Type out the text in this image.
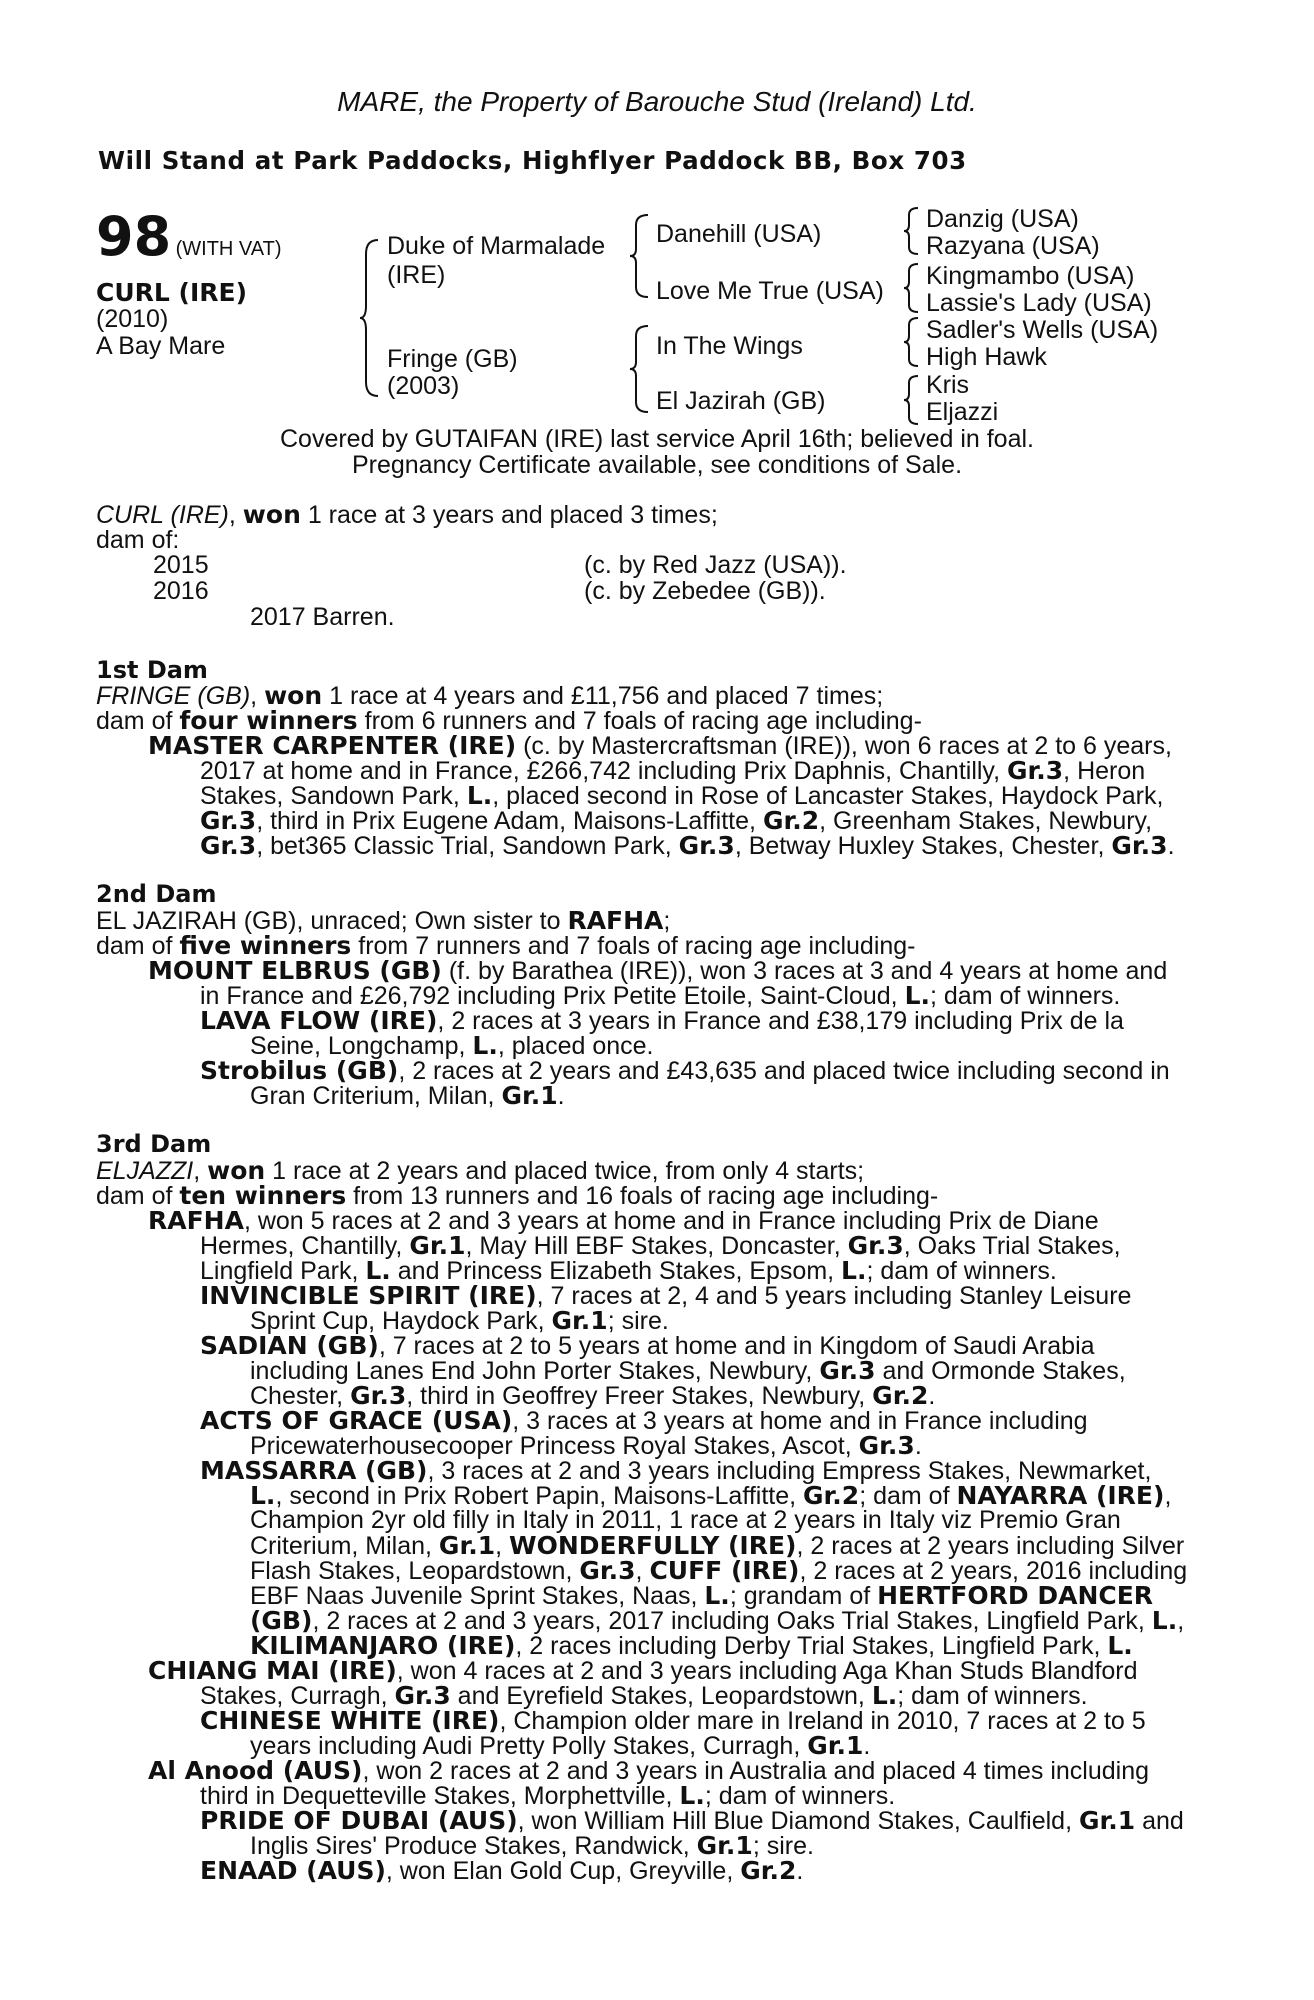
MARE, the Property of Barouche Stud (Ireland) Ltd.
Will Stand at Park Paddocks, Highflyer Paddock BB, Box 703
98 (WITH VAT)
CURL (IRE)
(2010)
A Bay Mare
Duke of Marmalade
(IRE)
Fringe (GB)
(2003)
Danehill (USA)
Love Me True (USA)
In The Wings
El Jazirah (GB)
Danzig (USA)
Razyana (USA)
Kingmambo (USA)
Lassie's Lady (USA)
Sadler's Wells (USA)
High Hawk
Kris
Eljazzi
Covered by GUTAIFAN (IRE) last service April 16th; believed in foal.
Pregnancy Certificate available, see conditions of Sale.
CURL (IRE), won 1 race at 3 years and placed 3 times;
dam of:
2015	(c. by Red Jazz (USA)).
2016	(c. by Zebedee (GB)).
2017 Barren.
1st Dam
FRINGE (GB), won 1 race at 4 years and £11,756 and placed 7 times;
dam of four winners from 6 runners and 7 foals of racing age including-
MASTER CARPENTER (IRE) (c. by Mastercraftsman (IRE)), won 6 races at 2 to 6 years,
2017 at home and in France, £266,742 including Prix Daphnis, Chantilly, Gr.3, Heron
Stakes, Sandown Park, L., placed second in Rose of Lancaster Stakes, Haydock Park,
Gr.3, third in Prix Eugene Adam, Maisons-Laffitte, Gr.2, Greenham Stakes, Newbury,
Gr.3, bet365 Classic Trial, Sandown Park, Gr.3, Betway Huxley Stakes, Chester, Gr.3.
2nd Dam
EL JAZIRAH (GB), unraced; Own sister to RAFHA;
dam of five winners from 7 runners and 7 foals of racing age including-
MOUNT ELBRUS (GB) (f. by Barathea (IRE)), won 3 races at 3 and 4 years at home and
in France and £26,792 including Prix Petite Etoile, Saint-Cloud, L.; dam of winners.
LAVA FLOW (IRE), 2 races at 3 years in France and £38,179 including Prix de la
Seine, Longchamp, L., placed once.
Strobilus (GB), 2 races at 2 years and £43,635 and placed twice including second in
Gran Criterium, Milan, Gr.1.
3rd Dam
ELJAZZI, won 1 race at 2 years and placed twice, from only 4 starts;
dam of ten winners from 13 runners and 16 foals of racing age including-
RAFHA, won 5 races at 2 and 3 years at home and in France including Prix de Diane
Hermes, Chantilly, Gr.1, May Hill EBF Stakes, Doncaster, Gr.3, Oaks Trial Stakes,
Lingfield Park, L. and Princess Elizabeth Stakes, Epsom, L.; dam of winners.
INVINCIBLE SPIRIT (IRE), 7 races at 2, 4 and 5 years including Stanley Leisure
Sprint Cup, Haydock Park, Gr.1; sire.
SADIAN (GB), 7 races at 2 to 5 years at home and in Kingdom of Saudi Arabia
including Lanes End John Porter Stakes, Newbury, Gr.3 and Ormonde Stakes,
Chester, Gr.3, third in Geoffrey Freer Stakes, Newbury, Gr.2.
ACTS OF GRACE (USA), 3 races at 3 years at home and in France including
Pricewaterhousecooper Princess Royal Stakes, Ascot, Gr.3.
MASSARRA (GB), 3 races at 2 and 3 years including Empress Stakes, Newmarket,
L., second in Prix Robert Papin, Maisons-Laffitte, Gr.2; dam of NAYARRA (IRE),
Champion 2yr old filly in Italy in 2011, 1 race at 2 years in Italy viz Premio Gran
Criterium, Milan, Gr.1, WONDERFULLY (IRE), 2 races at 2 years including Silver
Flash Stakes, Leopardstown, Gr.3, CUFF (IRE), 2 races at 2 years, 2016 including
EBF Naas Juvenile Sprint Stakes, Naas, L.; grandam of HERTFORD DANCER
(GB), 2 races at 2 and 3 years, 2017 including Oaks Trial Stakes, Lingfield Park, L.,
KILIMANJARO (IRE), 2 races including Derby Trial Stakes, Lingfield Park, L.
CHIANG MAI (IRE), won 4 races at 2 and 3 years including Aga Khan Studs Blandford
Stakes, Curragh, Gr.3 and Eyrefield Stakes, Leopardstown, L.; dam of winners.
CHINESE WHITE (IRE), Champion older mare in Ireland in 2010, 7 races at 2 to 5
years including Audi Pretty Polly Stakes, Curragh, Gr.1.
Al Anood (AUS), won 2 races at 2 and 3 years in Australia and placed 4 times including
third in Dequetteville Stakes, Morphettville, L.; dam of winners.
PRIDE OF DUBAI (AUS), won William Hill Blue Diamond Stakes, Caulfield, Gr.1 and
Inglis Sires' Produce Stakes, Randwick, Gr.1; sire.
ENAAD (AUS), won Elan Gold Cup, Greyville, Gr.2.
